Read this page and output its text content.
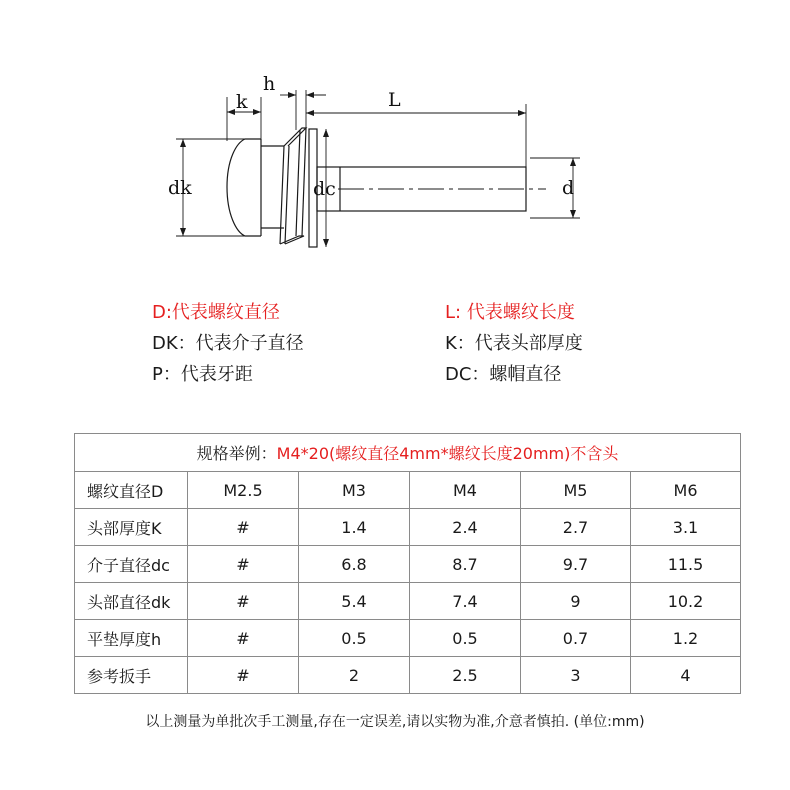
h
k	L
dk	dc	d
D:代表螺纹直径	L: 代表螺纹长度
DK：代表介子直径	K：代表头部厚度
P：代表牙距	DC：螺帽直径
规格举例：M4*20(螺纹直径4mm*螺纹长度20mm)不含头					
螺纹直径D	M2.5	M3	M4	M5	M6
头部厚度K	#	1.4	2.4	2.7	3.1
介子直径dc	#	6.8	8.7	9.7	11.5
头部直径dk	#	5.4	7.4	9	10.2
平垫厚度h	#	0.5	0.5	0.7	1.2
参考扳手	#	2	2.5	3	4
以上测量为单批次手工测量,存在一定误差,请以实物为准,介意者慎拍. (单位:mm)
